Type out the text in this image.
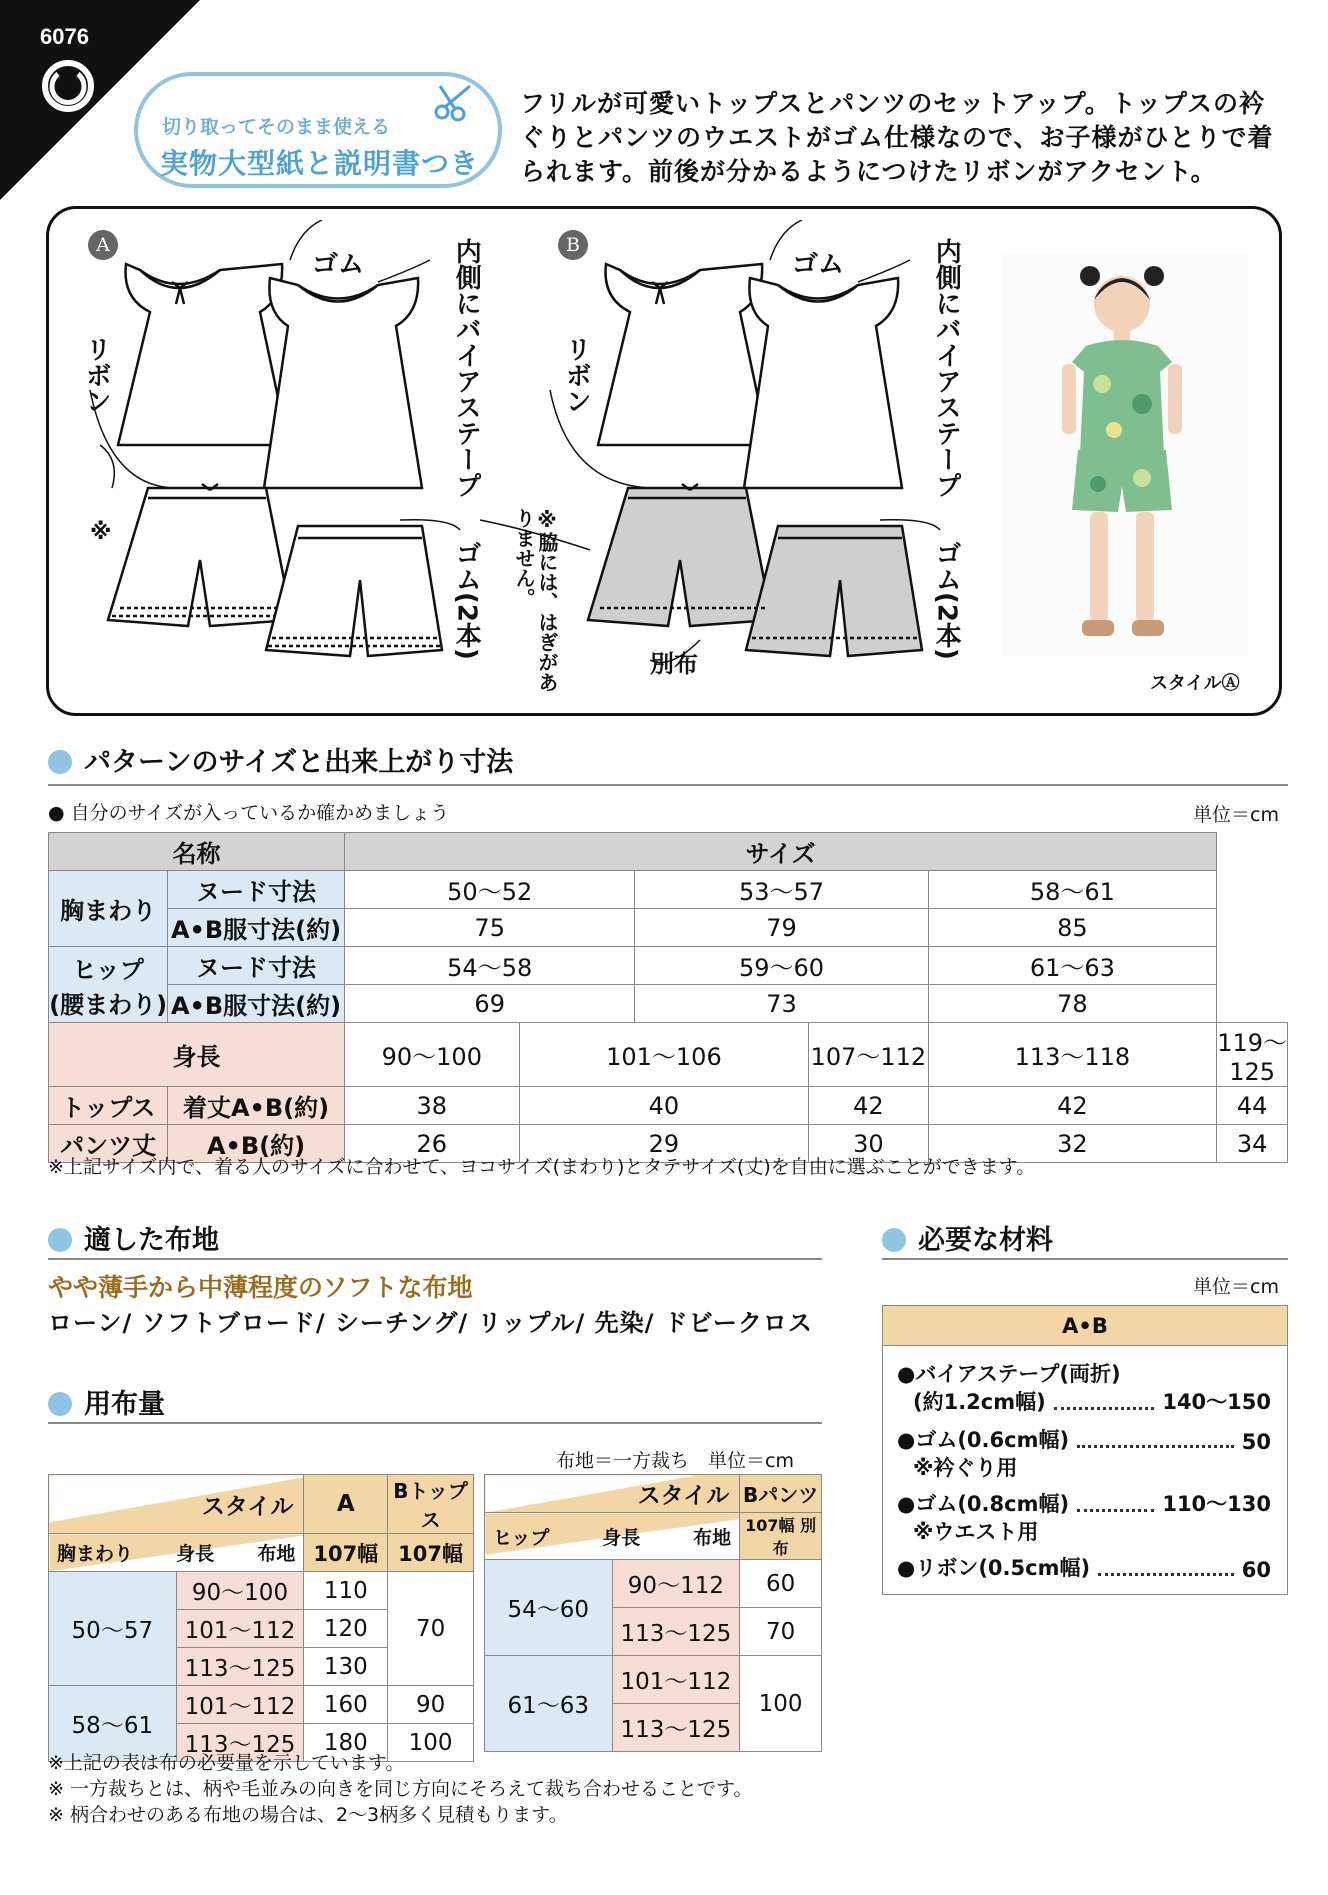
6076
切り取ってそのまま使える
実物大型紙と説明書つき
フリルが可愛いトップスとパンツのセットアップ。トップスの衿
ぐりとパンツのウエストがゴム仕様なので、お子様がひとりで着
られます。前後が分かるようにつけたリボンがアクセント。
A	B
ゴム	内側にバイアステープ
リボン
※
ゴム(2本)
ゴム	内側にバイアステープ
リボン
※脇には、はぎがありません。
別布
ゴム(2本)
スタイルⒶ
パターンのサイズと出来上がり寸法
● 自分のサイズが入っているか確かめましょう	単位＝cm
名称		サイズ					
胸まわり	ヌード寸法	50〜52		53〜57		58〜61	
	A•B服寸法(約)	75		79		85	

ヒップ
(腰まわり)	ヌード寸法	54〜58		59〜60		61〜63	
	A•B服寸法(約)	69		73		78	
身長		90〜100	101〜106		107〜112	113〜118	119〜125
トップス	着丈A•B(約)	38	40		42	42	44
パンツ丈	A•B(約)	26	29		30	32	34
※上記サイズ内で、着る人のサイズに合わせて、ヨコサイズ(まわり)とタテサイズ(丈)を自由に選ぶことができます。
適した布地
やや薄手から中薄程度のソフトな布地
ローン/ ソフトブロード/ シーチング/ リップル/ 先染/ ドビークロス
用布量
布地＝一方裁ち　単位＝cm
スタイル		A	Bトップス

胸まわり 身長 布地		107幅	107幅
50〜57	90〜100	110	70
	101〜112	120	
	113〜125	130	
58〜61	101〜112	160	90
	113〜125	180	100
スタイル		Bパンツ

ヒップ 身長 布地		107幅 別布
54〜60	90〜112	60
	113〜125	70
61〜63	101〜112	100
	113〜125	
※上記の表は布の必要量を示しています。
※ 一方裁ちとは、柄や毛並みの向きを同じ方向にそろえて裁ち合わせることです。
※ 柄合わせのある布地の場合は、2〜3柄多く見積もります。
必要な材料
単位＝cm
A•B
●バイアステープ(両折)
(約1.2cm幅)	140〜150
●ゴム(0.6cm幅)	50
※衿ぐり用
●ゴム(0.8cm幅)	110〜130
※ウエスト用
●リボン(0.5cm幅)	60
